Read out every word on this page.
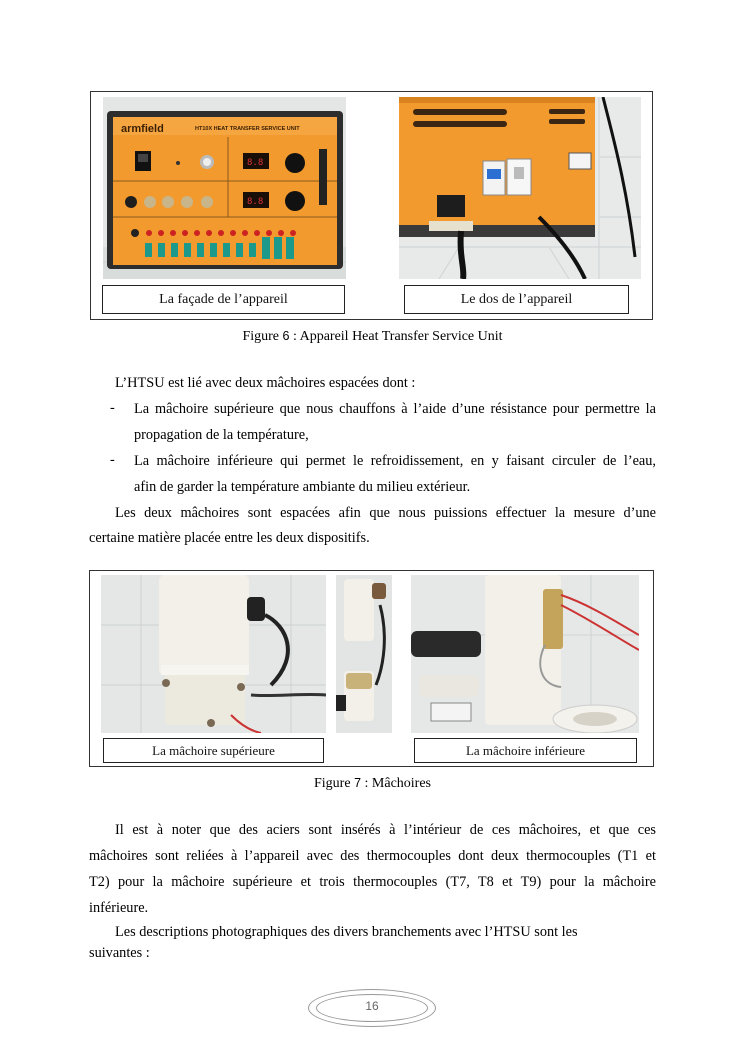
armfield	HT10X HEAT TRANSFER SERVICE UNIT
8.8
8.8
La façade de l’appareil	Le dos de l’appareil
Figure 6 : Appareil Heat Transfer Service Unit
L’HTSU est lié avec deux mâchoires espacées dont :
- La mâchoire supérieure que nous chauffons à l’aide d’une résistance pour permettre la
propagation de la température,
- La mâchoire inférieure qui permet le refroidissement, en y faisant circuler de l’eau,
afin de garder la température ambiante du milieu extérieur.
Les deux mâchoires sont espacées afin que nous puissions effectuer la mesure d’une
certaine matière placée entre les deux dispositifs.
La mâchoire supérieure	La mâchoire inférieure
Figure 7 : Mâchoires
Il est à noter que des aciers sont insérés à l’intérieur de ces mâchoires, et que ces
mâchoires sont reliées à l’appareil avec des thermocouples dont deux thermocouples (T1 et
T2) pour la mâchoire supérieure et trois thermocouples (T7, T8 et T9) pour la mâchoire
inférieure.
Les descriptions photographiques des divers branchements avec l’HTSU sont les
suivantes :
16
